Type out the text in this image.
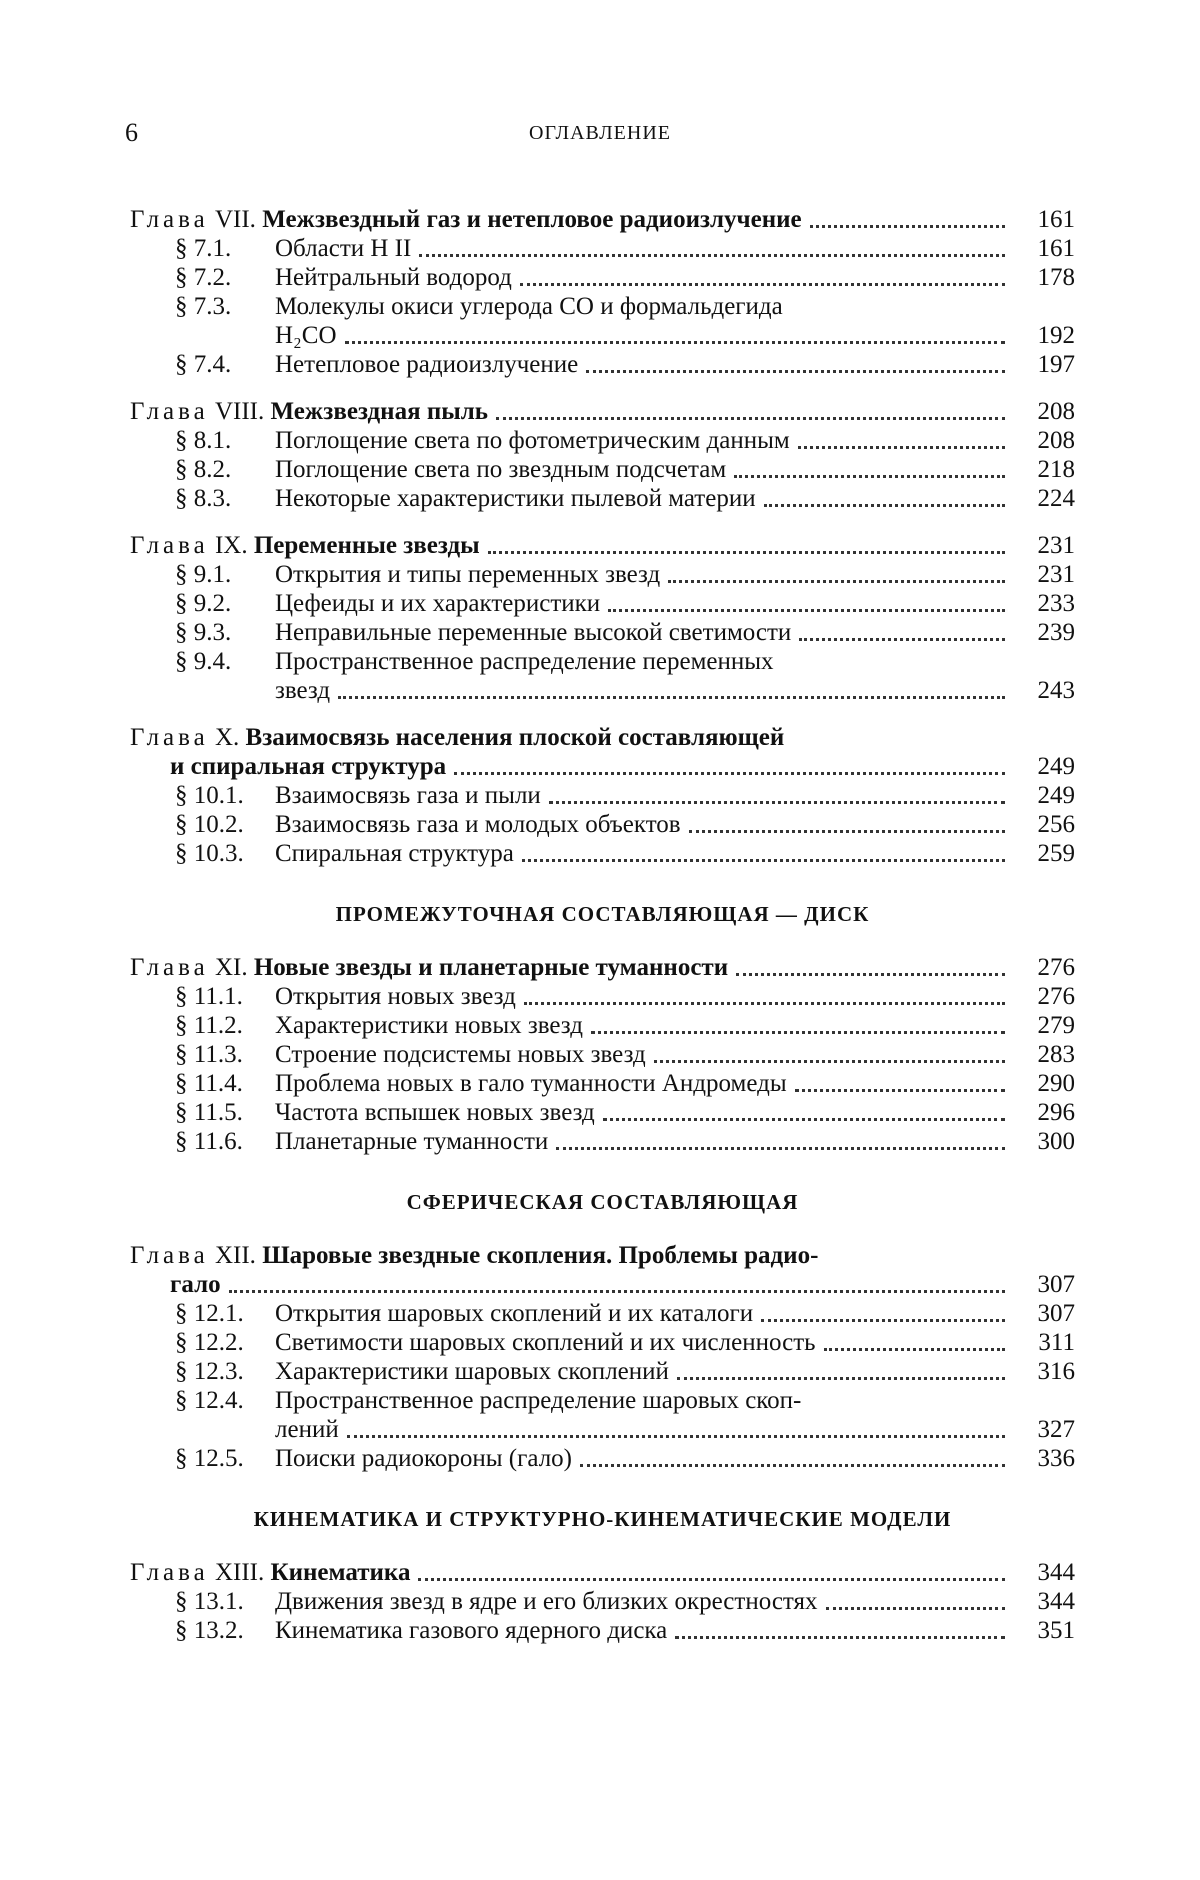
6	ОГЛАВЛЕНИЕ
Глава VII. Межзвездный газ и нетепловое радиоизлучение	161
§ 7.1. Области H II	161
§ 7.2. Нейтральный водород	178
§ 7.3. Молекулы окиси углерода CO и формальдегида
H₂CO	192
§ 7.4. Нетепловое радиоизлучение	197
Глава VIII. Межзвездная пыль	208
§ 8.1. Поглощение света по фотометрическим данным	208
§ 8.2. Поглощение света по звездным подсчетам	218
§ 8.3. Некоторые характеристики пылевой материи	224
Глава IX. Переменные звезды	231
§ 9.1. Открытия и типы переменных звезд	231
§ 9.2. Цефеиды и их характеристики	233
§ 9.3. Неправильные переменные высокой светимости	239
§ 9.4. Пространственное распределение переменных
звезд	243
Глава X. Взаимосвязь населения плоской составляющей
и спиральная структура	249
§ 10.1. Взаимосвязь газа и пыли	249
§ 10.2. Взаимосвязь газа и молодых объектов	256
§ 10.3. Спиральная структура	259
ПРОМЕЖУТОЧНАЯ СОСТАВЛЯЮЩАЯ — ДИСК
Глава XI. Новые звезды и планетарные туманности	276
§ 11.1. Открытия новых звезд	276
§ 11.2. Характеристики новых звезд	279
§ 11.3. Строение подсистемы новых звезд	283
§ 11.4. Проблема новых в гало туманности Андромеды	290
§ 11.5. Частота вспышек новых звезд	296
§ 11.6. Планетарные туманности	300
СФЕРИЧЕСКАЯ СОСТАВЛЯЮЩАЯ
Глава XII. Шаровые звездные скопления. Проблемы радио-
гало	307
§ 12.1. Открытия шаровых скоплений и их каталоги	307
§ 12.2. Светимости шаровых скоплений и их численность	311
§ 12.3. Характеристики шаровых скоплений	316
§ 12.4. Пространственное распределение шаровых скоп-
лений	327
§ 12.5. Поиски радиокороны (гало)	336
КИНЕМАТИКА И СТРУКТУРНО-КИНЕМАТИЧЕСКИЕ МОДЕЛИ
Глава XIII. Кинематика	344
§ 13.1. Движения звезд в ядре и его близких окрестностях	344
§ 13.2. Кинематика газового ядерного диска	351
